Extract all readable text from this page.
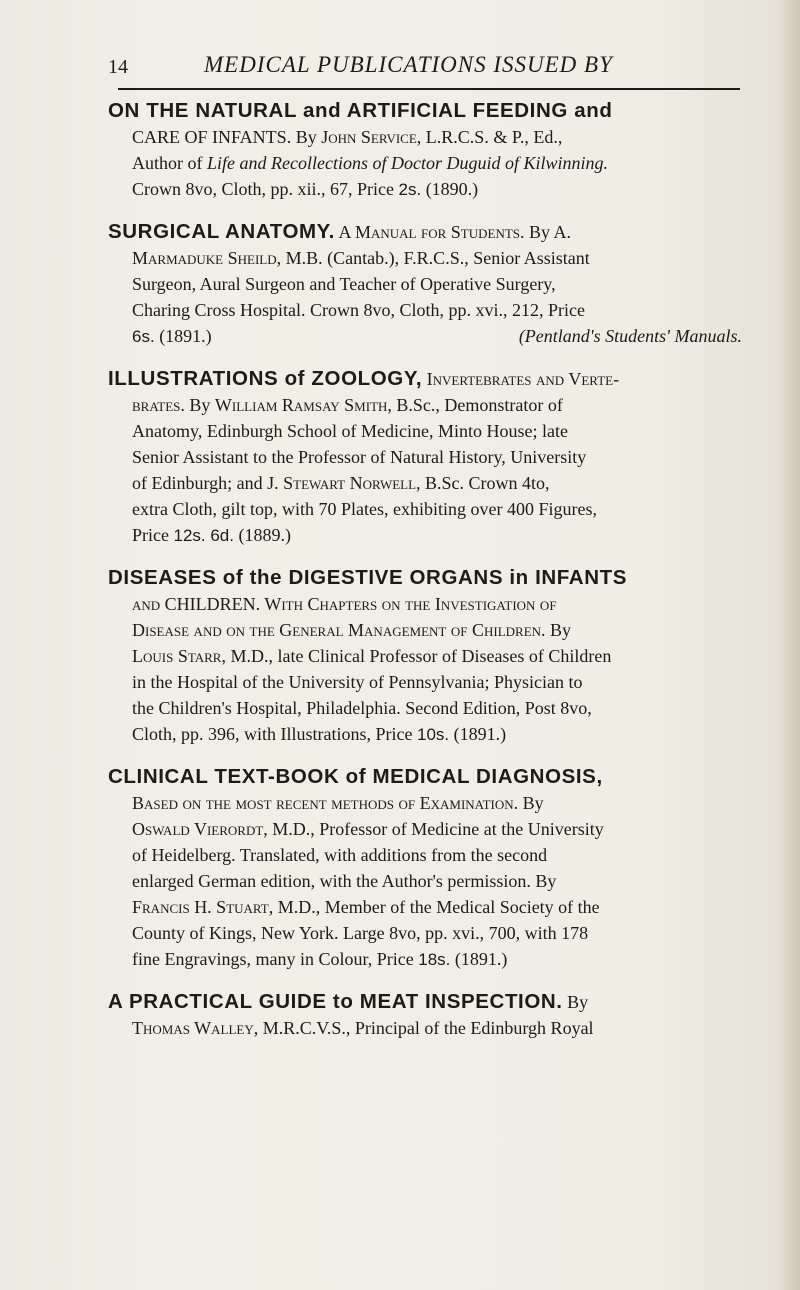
14	MEDICAL PUBLICATIONS ISSUED BY
ON THE NATURAL and ARTIFICIAL FEEDING and
CARE OF INFANTS. By John Service, L.R.C.S. & P., Ed.,
Author of Life and Recollections of Doctor Duguid of Kilwinning.
Crown 8vo, Cloth, pp. xii., 67, Price 2s. (1890.)
SURGICAL ANATOMY. A Manual for Students. By A.
Marmaduke Sheild, M.B. (Cantab.), F.R.C.S., Senior Assistant
Surgeon, Aural Surgeon and Teacher of Operative Surgery,
Charing Cross Hospital. Crown 8vo, Cloth, pp. xvi., 212, Price
6s. (1891.)	(Pentland's Students' Manuals.
ILLUSTRATIONS of ZOOLOGY, Invertebrates and Verte-
brates. By William Ramsay Smith, B.Sc., Demonstrator of
Anatomy, Edinburgh School of Medicine, Minto House; late
Senior Assistant to the Professor of Natural History, University
of Edinburgh; and J. Stewart Norwell, B.Sc. Crown 4to,
extra Cloth, gilt top, with 70 Plates, exhibiting over 400 Figures,
Price 12s. 6d. (1889.)
DISEASES of the DIGESTIVE ORGANS in INFANTS
and CHILDREN. With Chapters on the Investigation of
Disease and on the General Management of Children. By
Louis Starr, M.D., late Clinical Professor of Diseases of Children
in the Hospital of the University of Pennsylvania; Physician to
the Children's Hospital, Philadelphia. Second Edition, Post 8vo,
Cloth, pp. 396, with Illustrations, Price 10s. (1891.)
CLINICAL TEXT-BOOK of MEDICAL DIAGNOSIS,
Based on the most recent methods of Examination. By
Oswald Vierordt, M.D., Professor of Medicine at the University
of Heidelberg. Translated, with additions from the second
enlarged German edition, with the Author's permission. By
Francis H. Stuart, M.D., Member of the Medical Society of the
County of Kings, New York. Large 8vo, pp. xvi., 700, with 178
fine Engravings, many in Colour, Price 18s. (1891.)
A PRACTICAL GUIDE to MEAT INSPECTION. By
Thomas Walley, M.R.C.V.S., Principal of the Edinburgh Royal
